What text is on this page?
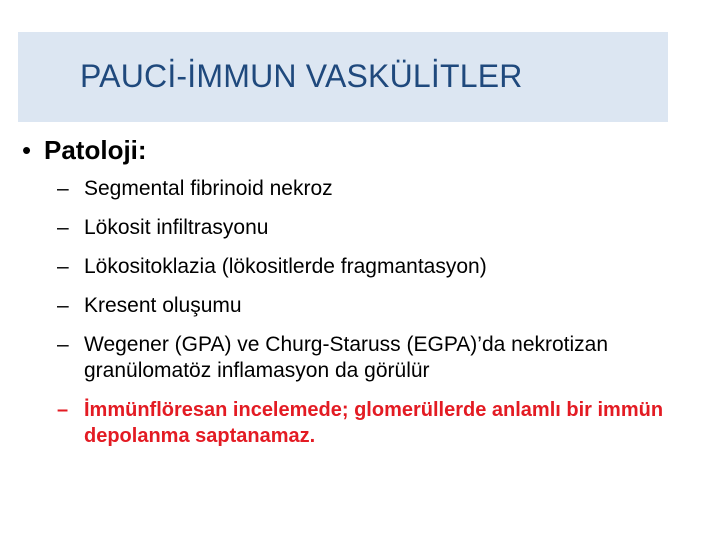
PAUCİ-İMMUN VASKÜLİTLER
• Patoloji:
– Segmental fibrinoid nekroz
– Lökosit infiltrasyonu
– Lökositoklazia (lökositlerde fragmantasyon)
– Kresent oluşumu
– Wegener (GPA) ve Churg-Staruss (EGPA)’da nekrotizan granülomatöz inflamasyon da görülür
– İmmünflöresan incelemede; glomerüllerde anlamlı bir immün depolanma saptanamaz.
